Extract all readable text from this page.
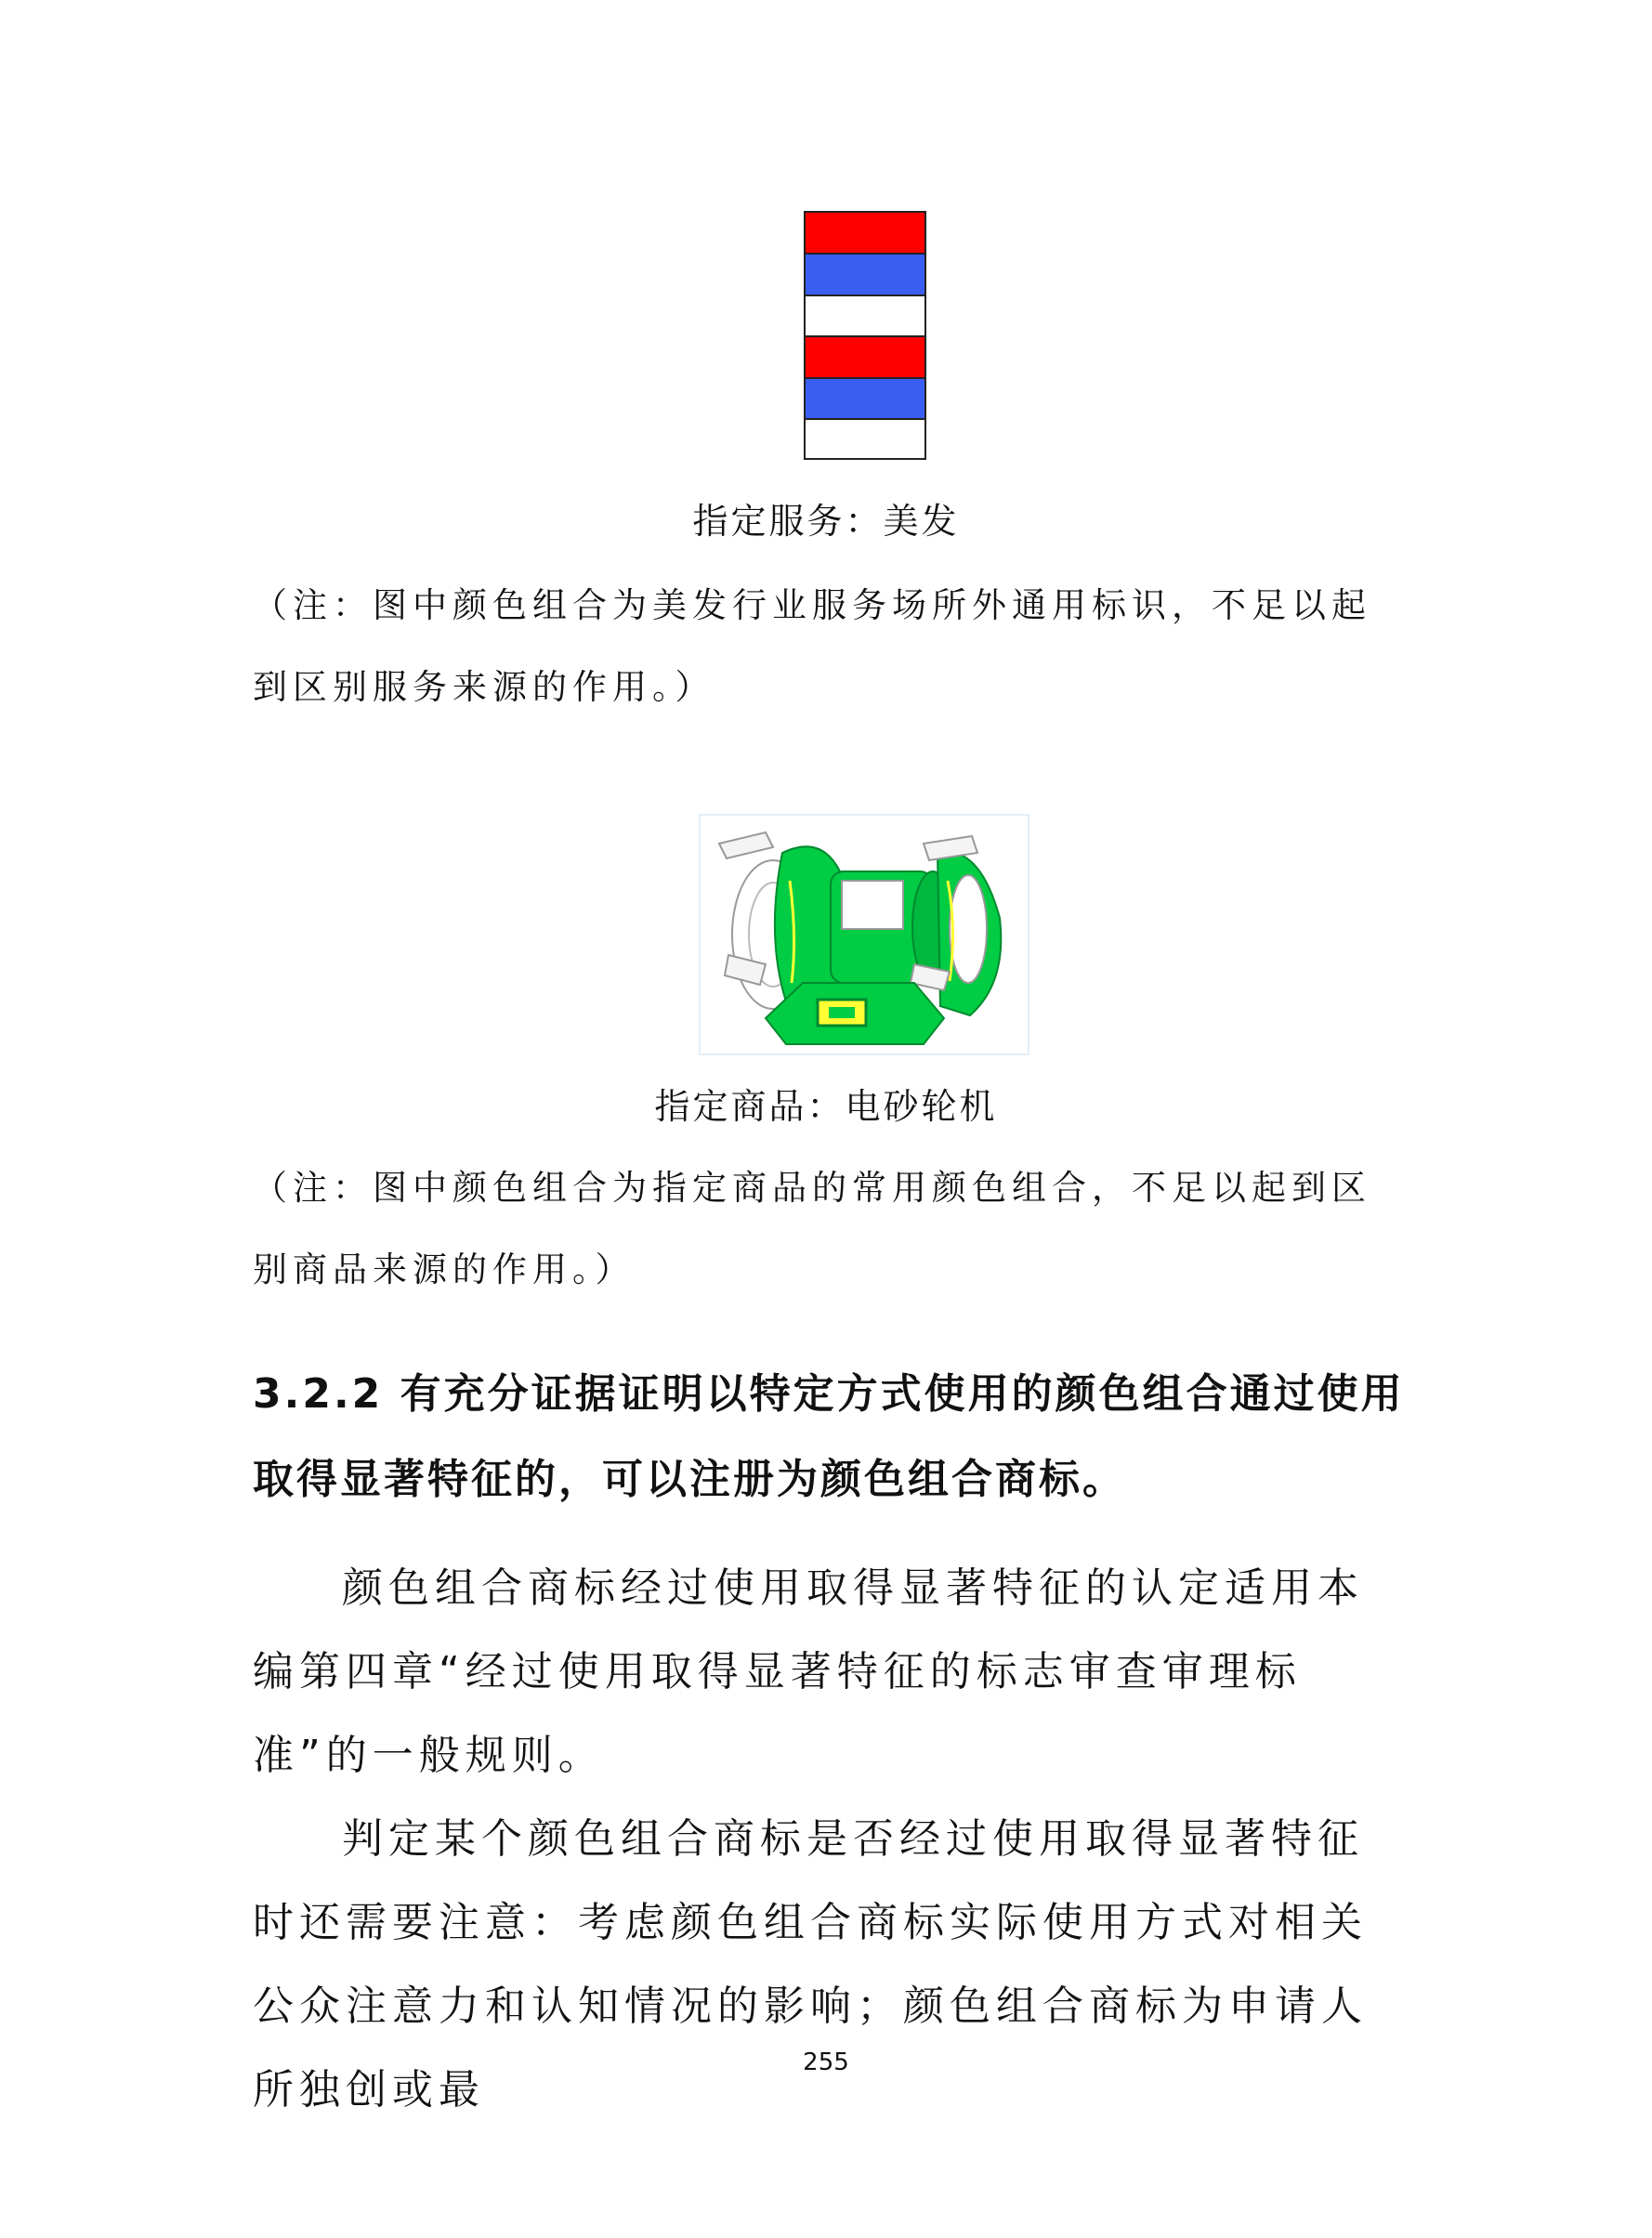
指定服务：美发
（注：图中颜色组合为美发行业服务场所外通用标识，不足以起到区别服务来源的作用。）
指定商品：电砂轮机
（注：图中颜色组合为指定商品的常用颜色组合，不足以起到区别商品来源的作用。）
3.2.2 有充分证据证明以特定方式使用的颜色组合通过使用取得显著特征的，可以注册为颜色组合商标。
颜色组合商标经过使用取得显著特征的认定适用本编第四章“经过使用取得显著特征的标志审查审理标准”的一般规则。
判定某个颜色组合商标是否经过使用取得显著特征时还需要注意：考虑颜色组合商标实际使用方式对相关公众注意力和认知情况的影响；颜色组合商标为申请人所独创或最
255
